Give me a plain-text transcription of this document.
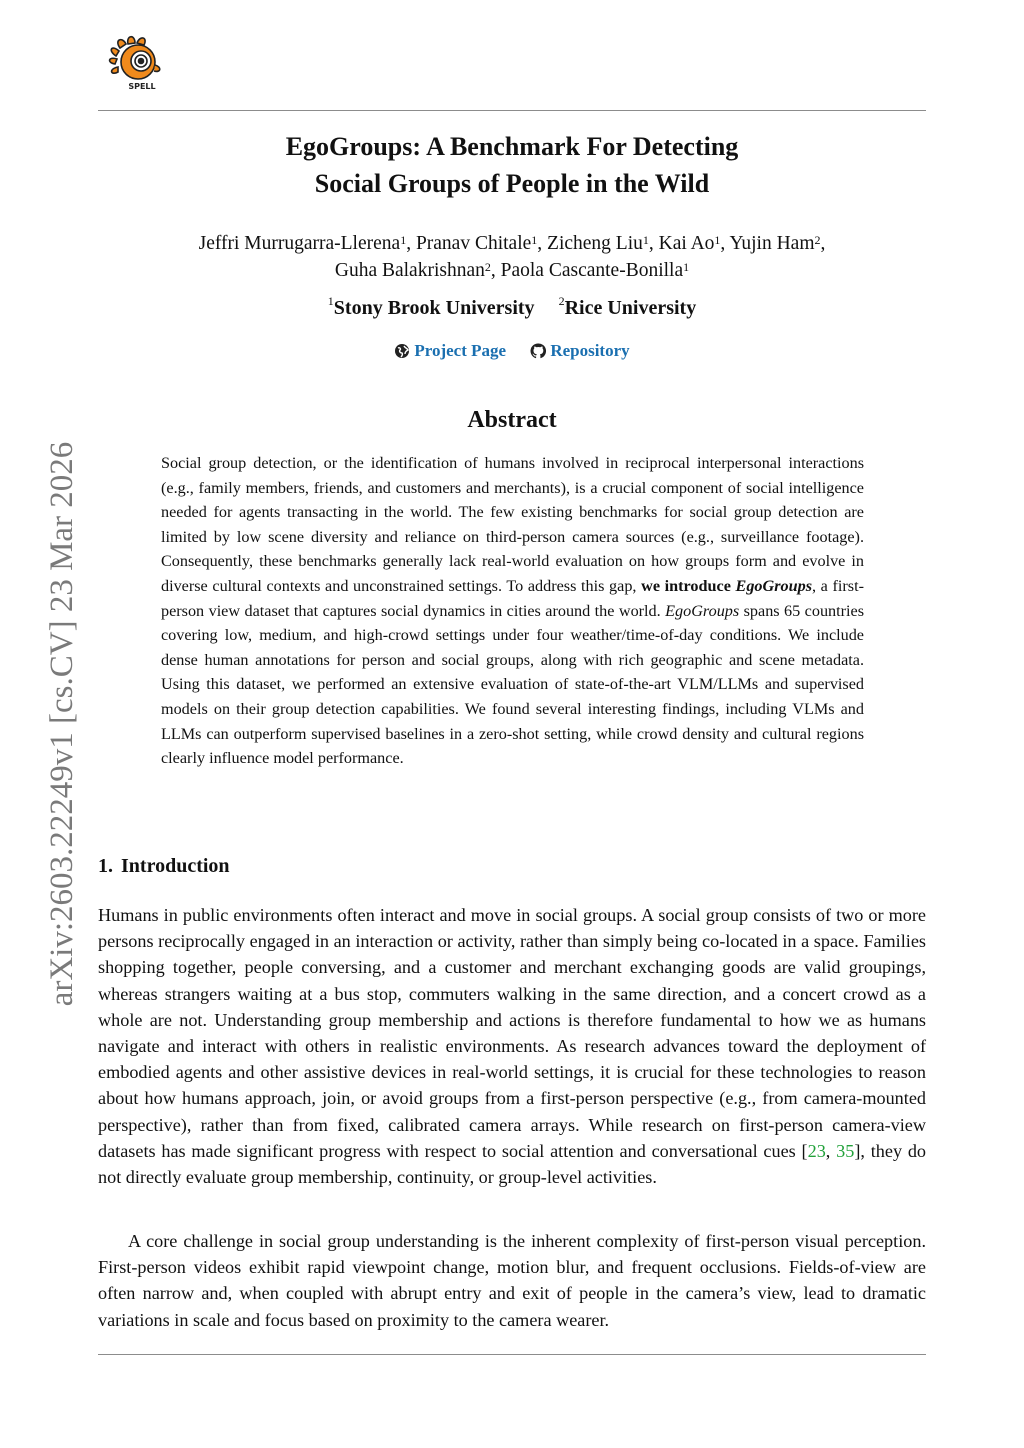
SPELL
EgoGroups: A Benchmark For Detecting
Social Groups of People in the Wild
Jeffri Murrugarra-Llerena$^1$, Pranav Chitale$^1$, Zicheng Liu$^1$, Kai Ao$^1$, Yujin Ham$^2$,
Guha Balakrishnan$^2$, Paola Cascante-Bonilla$^1$
$^1$Stony Brook University $^2$Rice University
Project Page
	Repository
Abstract

Social group detection, or the identification of humans involved in reciprocal interpersonal interactions (e.g., family members, friends, and customers and merchants), is a crucial component of social intelligence needed for agents transacting in the world. The few existing benchmarks for social group detection are limited by low scene diversity and reliance on third-person camera sources (e.g., surveillance footage). Consequently, these benchmarks generally lack real-world evaluation on how groups form and evolve in diverse cultural contexts and unconstrained settings. To address this gap, we introduce EgoGroups, a first-person view dataset that captures social dynamics in cities around the world. EgoGroups spans 65 countries covering low, medium, and high-crowd settings under four weather/time-of-day conditions. We include dense human annotations for person and social groups, along with rich geographic and scene metadata. Using this dataset, we performed an extensive evaluation of state-of-the-art VLM/LLMs and supervised models on their group detection capabilities. We found several interesting findings, including VLMs and LLMs can outperform supervised baselines in a zero-shot setting, while crowd density and cultural regions clearly influence model performance.

arXiv:2603.22249v1 [cs.CV] 23 Mar 2026 1. Introduction

Humans in public environments often interact and move in social groups. A social group consists of two or more persons reciprocally engaged in an interaction or activity, rather than simply being co-located in a space. Families shopping together, people conversing, and a customer and merchant exchanging goods are valid groupings, whereas strangers waiting at a bus stop, commuters walking in the same direction, and a concert crowd as a whole are not. Understanding group membership and actions is therefore fundamental to how we as humans navigate and interact with others in realistic environments. As research advances toward the deployment of embodied agents and other assistive devices in real-world settings, it is crucial for these technologies to reason about how humans approach, join, or avoid groups from a first-person perspective (e.g., from camera-mounted perspective), rather than from fixed, calibrated camera arrays. While research on first-person camera-view datasets has made significant progress with respect to social attention and conversational cues [23, 35], they do not directly evaluate group membership, continuity, or group-level activities.

A core challenge in social group understanding is the inherent complexity of first-person visual perception. First-person videos exhibit rapid viewpoint change, motion blur, and frequent occlusions. Fields-of-view are often narrow and, when coupled with abrupt entry and exit of people in the camera’s view, lead to dramatic variations in scale and focus based on proximity to the camera wearer.
